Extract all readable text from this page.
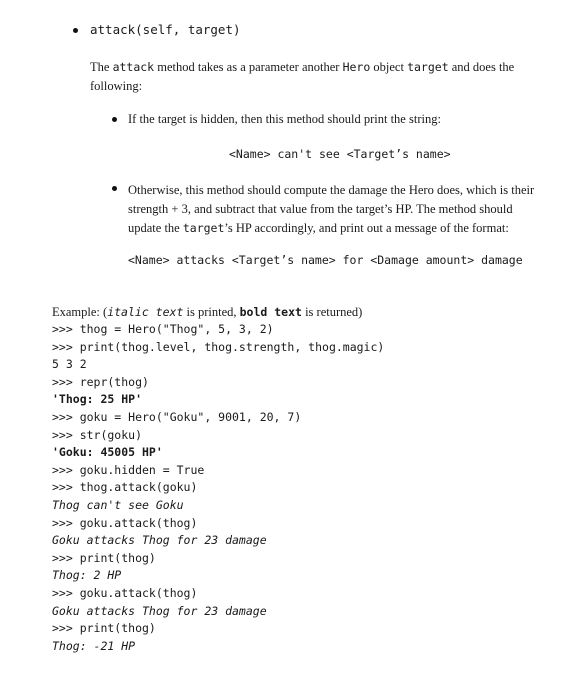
attack(self, target)
The attack method takes as a parameter another Hero object target and does the following:
If the target is hidden, then this method should print the string:
<Name> can't see <Target’s name>
Otherwise, this method should compute the damage the Hero does, which is their strength + 3, and subtract that value from the target’s HP. The method should update the target’s HP accordingly, and print out a message of the format:
<Name> attacks <Target’s name> for <Damage amount> damage
Example: (italic text is printed, bold text is returned)
>>> thog = Hero("Thog", 5, 3, 2)
>>> print(thog.level, thog.strength, thog.magic)
5 3 2
>>> repr(thog)
'Thog: 25 HP'
>>> goku = Hero("Goku", 9001, 20, 7)
>>> str(goku)
'Goku: 45005 HP'
>>> goku.hidden = True
>>> thog.attack(goku)
Thog can't see Goku
>>> goku.attack(thog)
Goku attacks Thog for 23 damage
>>> print(thog)
Thog: 2 HP
>>> goku.attack(thog)
Goku attacks Thog for 23 damage
>>> print(thog)
Thog: -21 HP
